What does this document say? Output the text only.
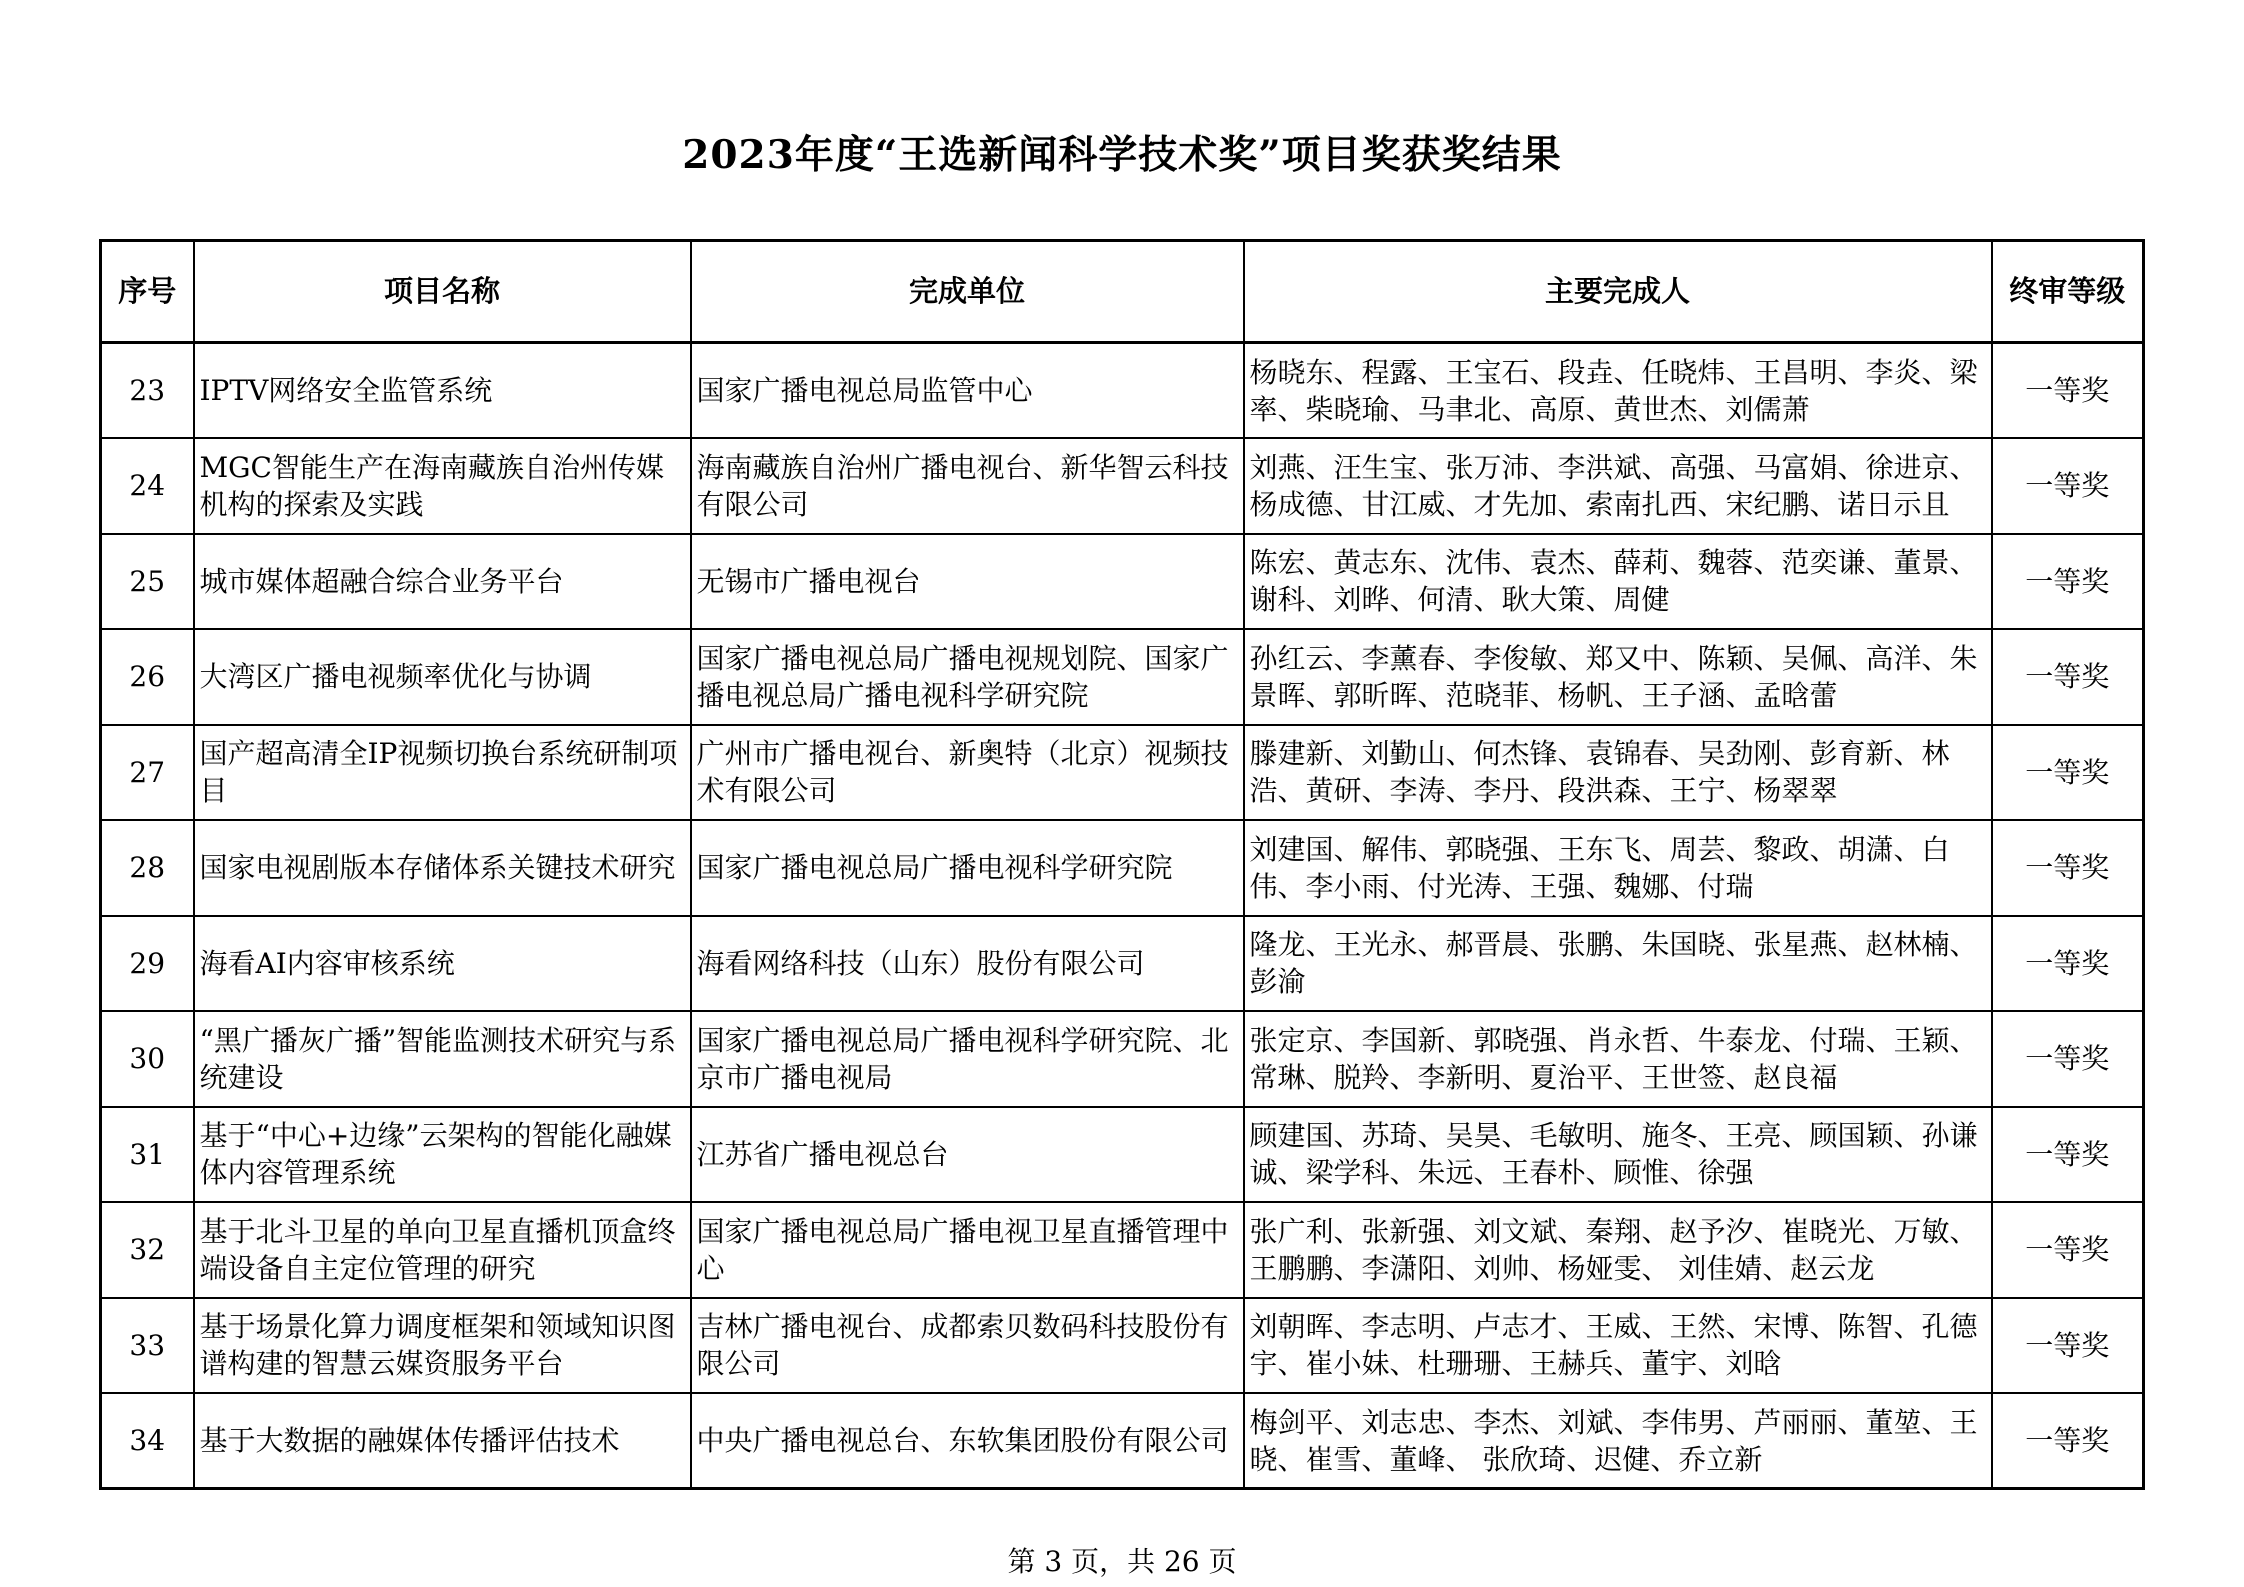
2023年度“王选新闻科学技术奖”项目奖获奖结果
序号	项目名称	完成单位	主要完成人	终审等级

23	IPTV网络安全监管系统	国家广播电视总局监管中心	杨晓东、程露、王宝石、段垚、任晓炜、王昌明、李炎、梁率、柴晓瑜、马聿北、高原、黄世杰、刘儒萧	一等奖

24	MGC智能生产在海南藏族自治州传媒机构的探索及实践	海南藏族自治州广播电视台、新华智云科技有限公司	刘燕、汪生宝、张万沛、李洪斌、高强、马富娟、徐进京、杨成德、甘江威、才先加、索南扎西、宋纪鹏、诺日示且	一等奖

25	城市媒体超融合综合业务平台	无锡市广播电视台	陈宏、黄志东、沈伟、袁杰、薛莉、魏蓉、范奕谦、董景、谢科、刘晔、何清、耿大策、周健	一等奖

26	大湾区广播电视频率优化与协调	国家广播电视总局广播电视规划院、国家广播电视总局广播电视科学研究院	孙红云、李薰春、李俊敏、郑又中、陈颖、吴佩、高洋、朱景晖、郭昕晖、范晓菲、杨帆、王子涵、孟晗蕾	一等奖

27	国产超高清全IP视频切换台系统研制项目	广州市广播电视台、新奥特（北京）视频技术有限公司	滕建新、刘勤山、何杰锋、袁锦春、吴劲刚、彭育新、林浩、黄研、李涛、李丹、段洪森、王宁、杨翠翠	一等奖

28	国家电视剧版本存储体系关键技术研究	国家广播电视总局广播电视科学研究院	刘建国、解伟、郭晓强、王东飞、周芸、黎政、胡潇、白伟、李小雨、付光涛、王强、魏娜、付瑞	一等奖

29	海看AI内容审核系统	海看网络科技（山东）股份有限公司	隆龙、王光永、郝晋晨、张鹏、朱国晓、张星燕、赵林楠、彭渝	一等奖

30	“黑广播灰广播”智能监测技术研究与系统建设	国家广播电视总局广播电视科学研究院、北京市广播电视局	张定京、李国新、郭晓强、肖永哲、牛泰龙、付瑞、王颖、常琳、脱羚、李新明、夏治平、王世签、赵良福	一等奖

31	基于“中心+边缘”云架构的智能化融媒体内容管理系统	江苏省广播电视总台	顾建国、苏琦、吴昊、毛敏明、施冬、王亮、顾国颖、孙谦诚、梁学科、朱远、王春朴、顾惟、徐强	一等奖

32	基于北斗卫星的单向卫星直播机顶盒终端设备自主定位管理的研究	国家广播电视总局广播电视卫星直播管理中心	张广利、张新强、刘文斌、秦翔、赵予汐、崔晓光、万敏、王鹏鹏、李潇阳、刘帅、杨娅雯、 刘佳婧、赵云龙	一等奖

33	基于场景化算力调度框架和领域知识图谱构建的智慧云媒资服务平台	吉林广播电视台、成都索贝数码科技股份有限公司	刘朝晖、李志明、卢志才、王威、王然、宋博、陈智、孔德宇、崔小妹、杜珊珊、王赫兵、董宇、刘晗	一等奖

34	基于大数据的融媒体传播评估技术	中央广播电视总台、东软集团股份有限公司	梅剑平、刘志忠、李杰、刘斌、李伟男、芦丽丽、董堃、王晓、崔雪、董峰、 张欣琦、迟健、乔立新	一等奖
第 3 页，共 26 页
